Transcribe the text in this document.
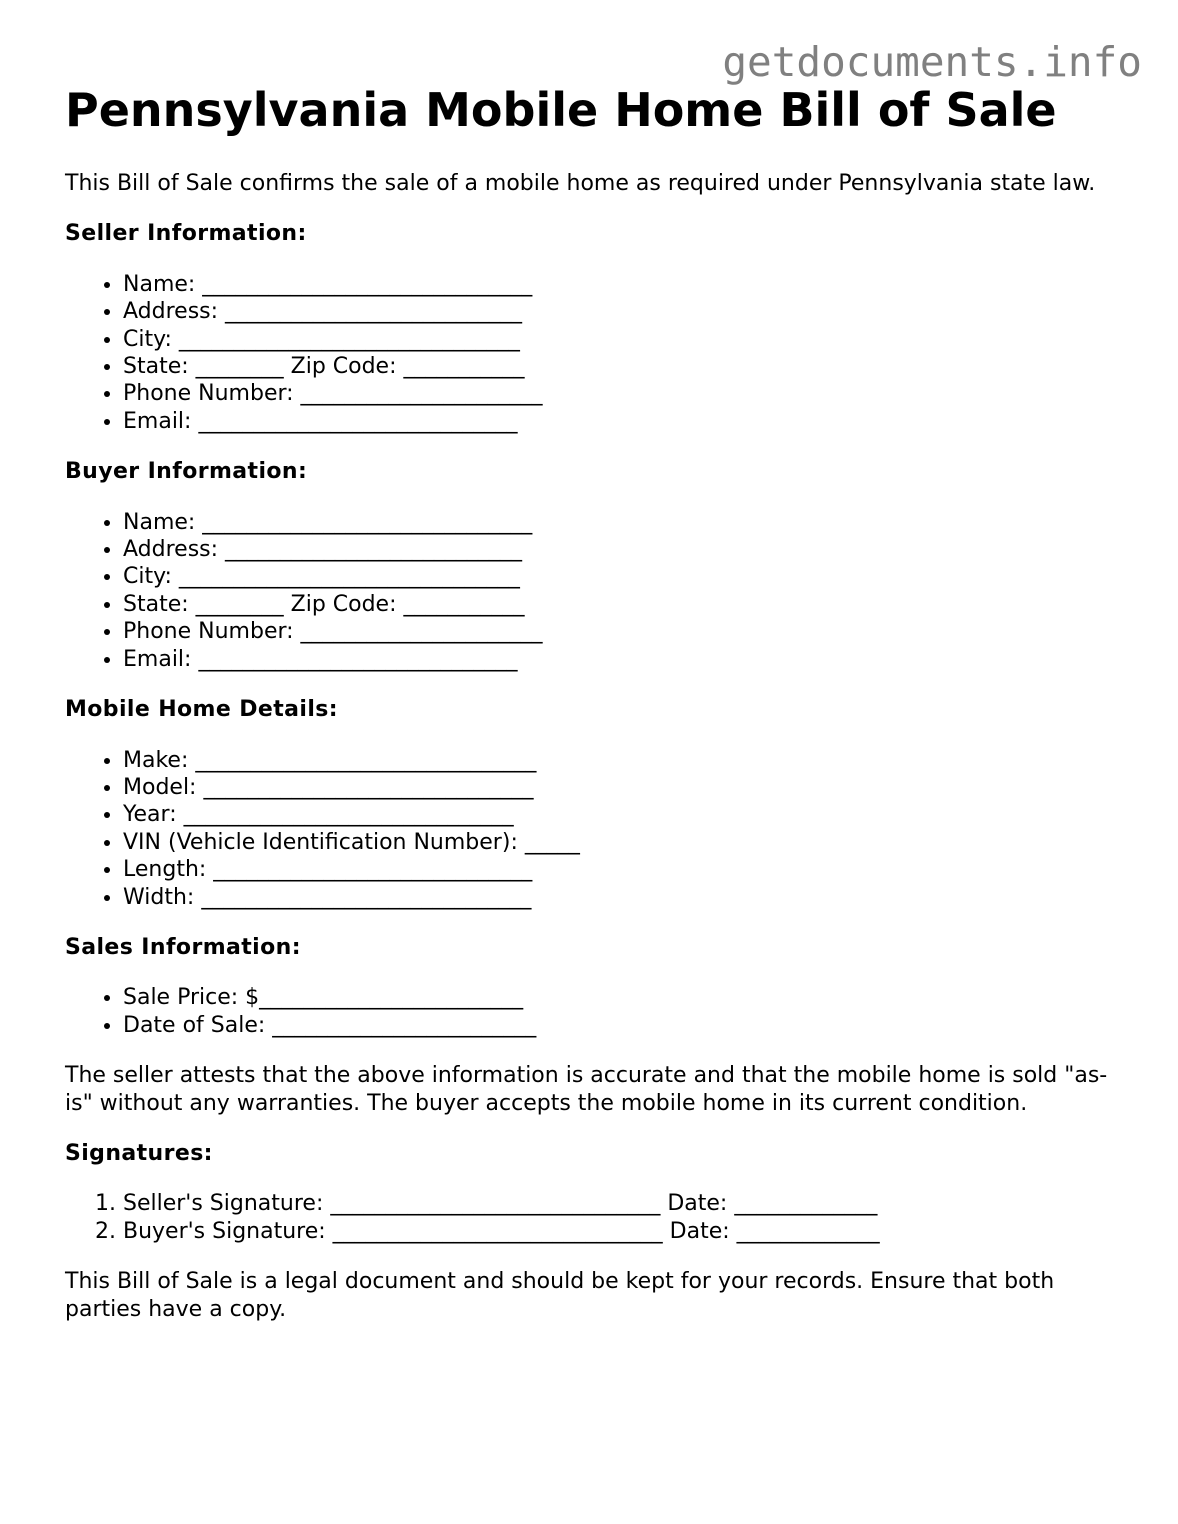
getdocuments.info
Pennsylvania Mobile Home Bill of Sale

This Bill of Sale confirms the sale of a mobile home as required under Pennsylvania state law.

Seller Information:
• Name: ______________________________
• Address: ___________________________
• City: _______________________________
• State: ________ Zip Code: ___________
• Phone Number: ______________________
• Email: _____________________________
Buyer Information:
• Name: ______________________________
• Address: ___________________________
• City: _______________________________
• State: ________ Zip Code: ___________
• Phone Number: ______________________
• Email: _____________________________
Mobile Home Details:
• Make: _______________________________
• Model: ______________________________
• Year: ______________________________
• VIN (Vehicle Identification Number): _____
• Length: _____________________________
• Width: ______________________________
Sales Information:
• Sale Price: $________________________
• Date of Sale: ________________________

The seller attests that the above information is accurate and that the mobile home is sold "as-is" without any warranties. The buyer accepts the mobile home in its current condition.

Signatures:
1. Seller's Signature: ______________________________ Date: _____________
2. Buyer's Signature: ______________________________ Date: _____________

This Bill of Sale is a legal document and should be kept for your records. Ensure that both parties have a copy.
